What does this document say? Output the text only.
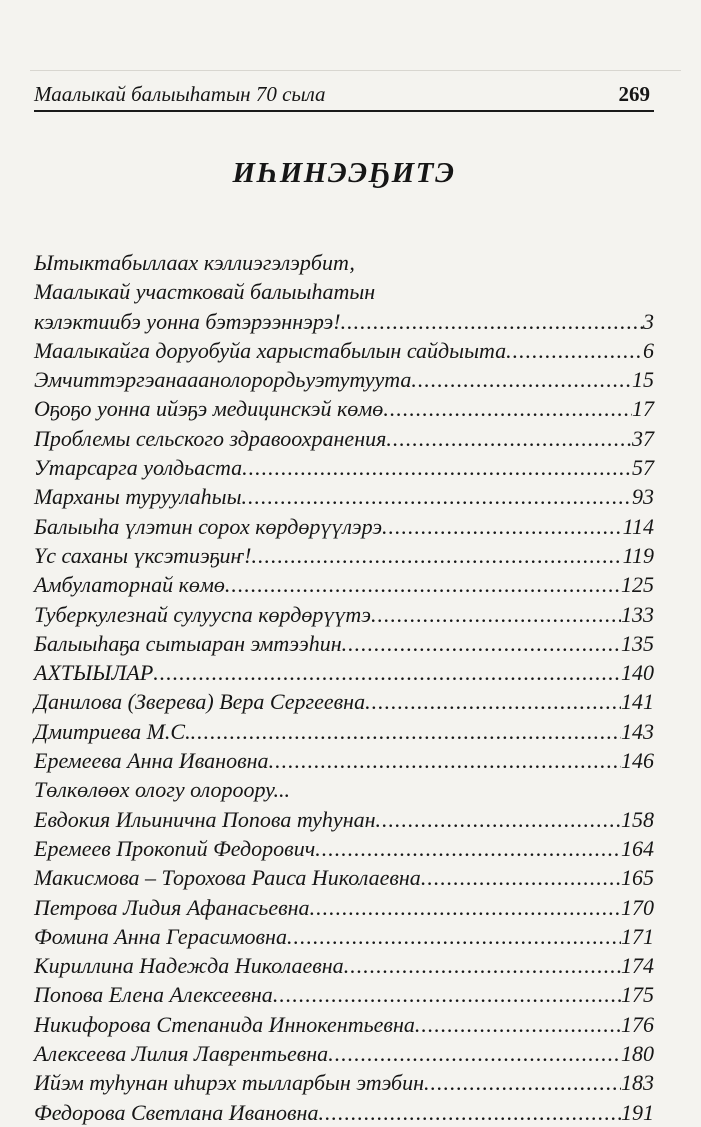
Маалыкай балыыһатын 70 сыла	269
ИҺИНЭЭҔИТЭ
Ытыктабыллаах кэллиэгэлэрбит,
Маалыкай участковай балыыһатын
кэлэктиибэ уонна бэтэрээннэрэ! .....	3
Маалыкайга доруобуйа харыстабылын сайдыыта .....	6
Эмчиттэргэанааанолорордьуэтутуута .....	15
Оҕоҕо уонна ийэҕэ медицинскэй көмө .....	17
Проблемы сельского здравоохранения .....	37
Утарсарга уолдьаста .....	57
Марханы туруулаһыы .....	93
Балыыһа үлэтин сорох көрдөрүүлэрэ .....	114
Үс саханы үксэтиэҕиҥ! .....	119
Амбулаторнай көмө .....	125
Туберкулезнай сулууспа көрдөрүүтэ .....	133
Балыыһаҕа сытыаран эмтээһин .....	135
АХТЫЫЛАР .....	140
Данилова (Зверева) Вера Сергеевна .....	141
Дмитриева М.С. .....	143
Еремеева Анна Ивановна .....	146
Төлкөлөөх ологу олороору...
Евдокия Ильинична Попова туһунан .....	158
Еремеев Прокопий Федорович .....	164
Макисмова – Торохова Раиса Николаевна .....	165
Петрова Лидия Афанасьевна .....	170
Фомина Анна Герасимовна .....	171
Кириллина Надежда Николаевна .....	174
Попова Елена Алексеевна .....	175
Никифорова Степанида Иннокентьевна .....	176
Алексеева Лилия Лаврентьевна .....	180
Ийэм туһунан иһирэх тылларбын этэбин .....	183
Федорова Светлана Ивановна .....	191
